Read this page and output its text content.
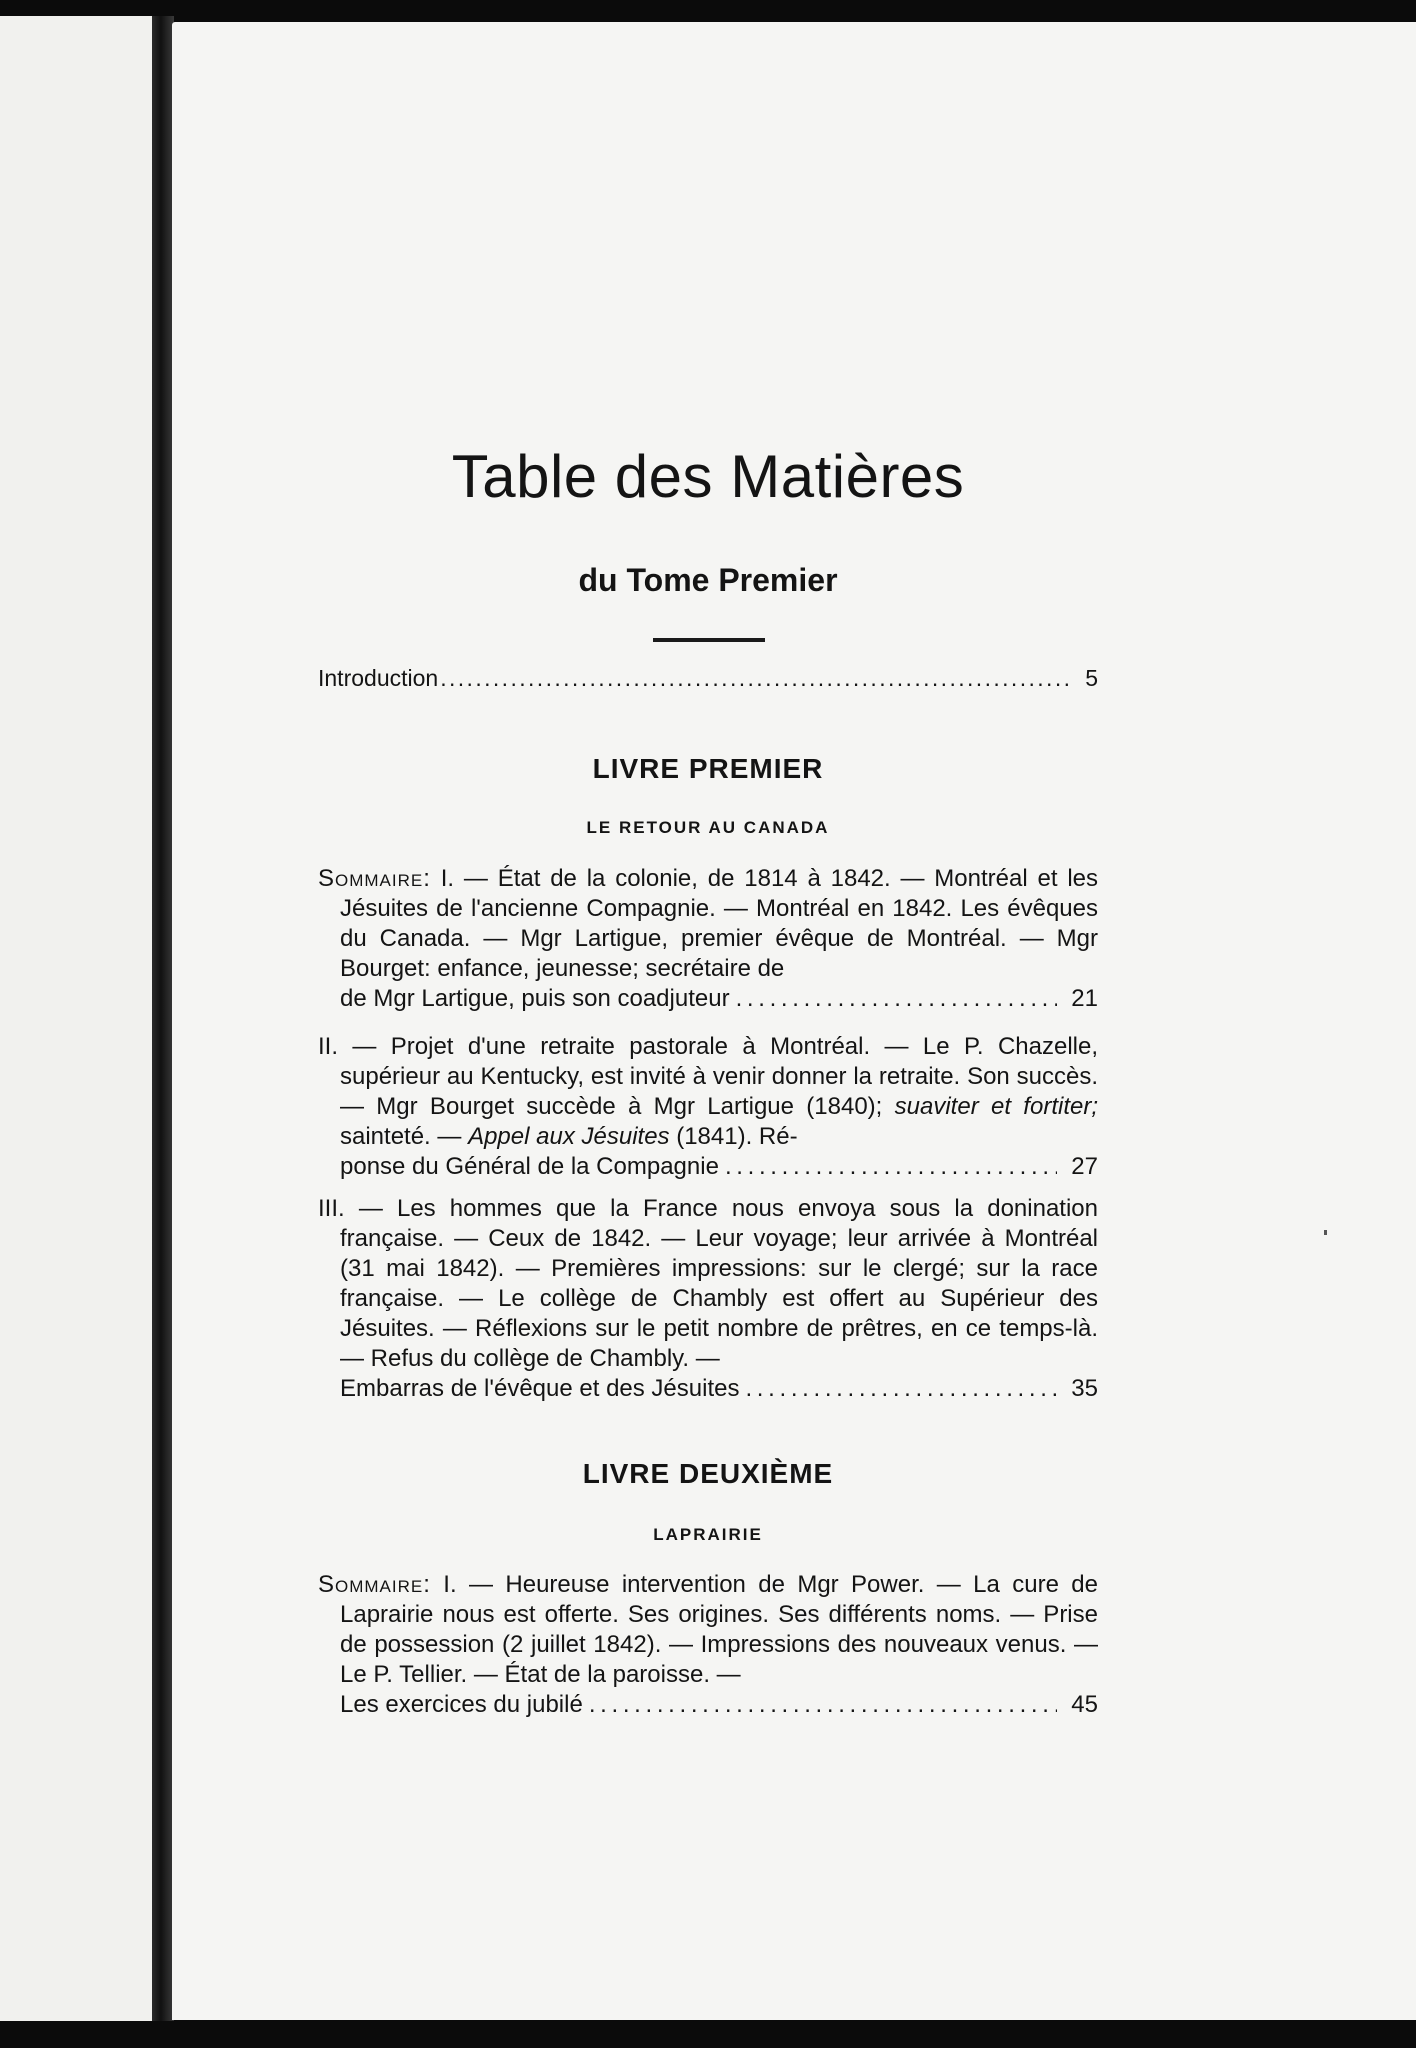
Table des Matières
du Tome Premier
Introduction . . .	5
LIVRE PREMIER
LE RETOUR AU CANADA
Sommaire: I. — État de la colonie, de 1814 à 1842. — Montréal et les Jésuites de l'ancienne Compagnie. — Montréal en 1842. Les évêques du Canada. — Mgr Lartigue, premier évêque de Montréal. — Mgr Bourget: enfance, jeunesse; secrétaire de
de Mgr Lartigue, puis son coadjuteur . . .	21
II. — Projet d'une retraite pastorale à Montréal. — Le P. Chazelle, supérieur au Kentucky, est invité à venir donner la retraite. Son succès. — Mgr Bourget succède à Mgr Lartigue (1840); suaviter et fortiter; sainteté. — Appel aux Jésuites (1841). Ré-
ponse du Général de la Compagnie . . .	27
III. — Les hommes que la France nous envoya sous la donination française. — Ceux de 1842. — Leur voyage; leur arrivée à Montréal (31 mai 1842). — Premières impressions: sur le clergé; sur la race française. — Le collège de Chambly est offert au Supérieur des Jésuites. — Réflexions sur le petit nombre de prêtres, en ce temps-là. — Refus du collège de Chambly. —
Embarras de l'évêque et des Jésuites . . .	35
LIVRE DEUXIÈME
LAPRAIRIE
Sommaire: I. — Heureuse intervention de Mgr Power. — La cure de Laprairie nous est offerte. Ses origines. Ses différents noms. — Prise de possession (2 juillet 1842). — Impressions des nouveaux venus. — Le P. Tellier. — État de la paroisse. —
Les exercices du jubilé . . .	45
